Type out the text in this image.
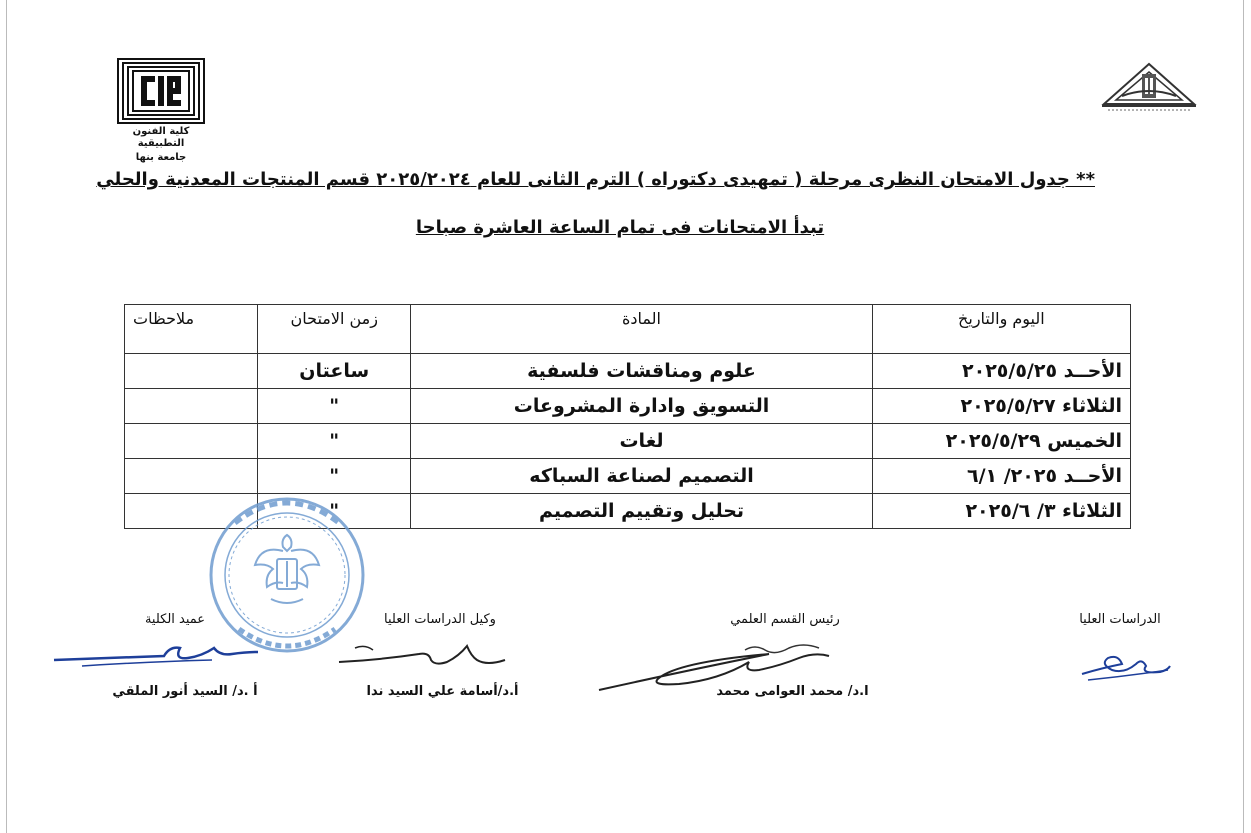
كلية الفنون التطبيقية
جامعة بنها
** جدول الامتحان النظرى مرحلة ( تمهيدى دكتوراه ) الترم الثانى للعام ٢٠٢٥/٢٠٢٤ قسم المنتجات المعدنية والحلي
تبدأ الامتحانات فى تمام الساعة العاشرة صباحا
اليوم والتاريخ	المادة	زمن الامتحان	ملاحظات
الأحــد ٢٠٢٥/٥/٢٥	علوم ومناقشات فلسفية	ساعتان	
الثلاثاء ٢٠٢٥/٥/٢٧	التسويق وادارة المشروعات	"	
الخميس ٢٠٢٥/٥/٢٩	لغات	"	
الأحــد ٢٠٢٥/ ٦/١	التصميم لصناعة السباكه	"	
الثلاثاء ٣/ ٢٠٢٥/٦	تحليل وتقييم التصميم	"	
الدراسات العليا
رئيس القسم العلمي
وكيل الدراسات العليا
عميد الكلية
ا.د/ محمد العوامى محمد
أ.د/أسامة علي السيد ندا
أ .د/ السيد أنور الملقي
